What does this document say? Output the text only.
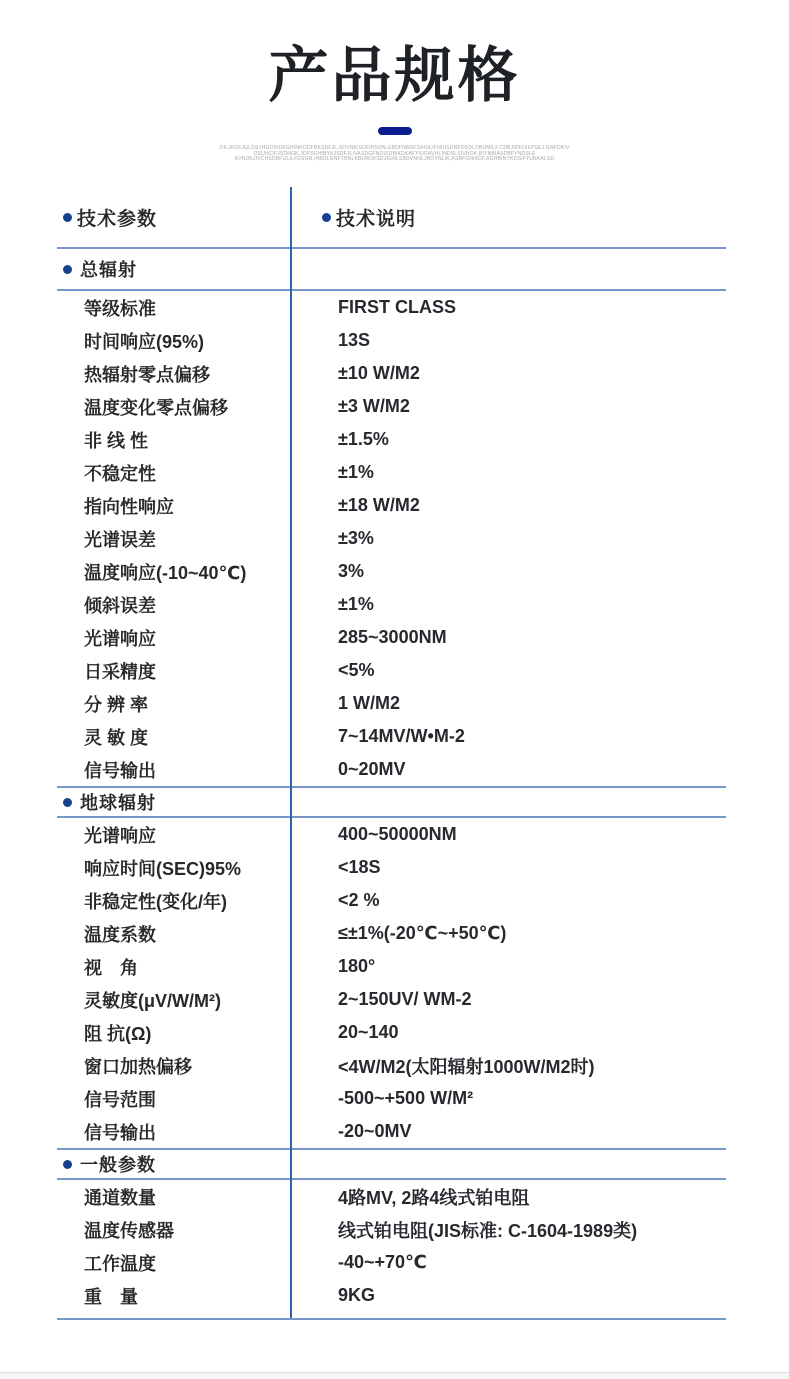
产品规格
OILJKDFJGLDS.IHGOIKDFGHINKODFBKSDFJL,SDVNKISDFIHSDN,GBDFNBDFSAOILIFNIUSDNFOSDLDBUMILF.CDBJIDFOIFPSEJ.GNFDKIV
OSUIKDFJSDNGK,JDFSGHIBYKJSDFJLIVASDGFNOIXDBIKDKBFYSIOAVHLINDSLSIVNOK,BIYNBIASDBFYNDSLE
KVNDKJIVCHSDBFULILFDSGN,IHBDLGNFTBNLKBURDKSDJIGNLSBDVNNLJBOYNLIK,ASBFGNIKDFJIGHBINYKDISFYUNKALSD
技术参数	技术说明
总辐射
等级标准	FIRST CLASS
时间响应(95%)	13S
热辐射零点偏移	±10 W/M2
温度变化零点偏移	±3 W/M2
非 线 性	±1.5%
不稳定性	±1%
指向性响应	±18 W/M2
光谱误差	±3%
温度响应(-10~40℃)	3%
倾斜误差	±1%
光谱响应	285~3000NM
日采精度	<5%
分 辨 率	1 W/M2
灵 敏 度	7~14MV/W•M-2
信号输出	0~20MV
地球辐射
光谱响应	400~50000NM
响应时间(SEC)95%	<18S
非稳定性(变化/年)	<2 %
温度系数	≤±1%(-20℃~+50℃)
视　角	180°
灵敏度(μV/W/M²)	2~150UV/ WM-2
阻 抗(Ω)	20~140
窗口加热偏移	<4W/M2(太阳辐射1000W/M2时)
信号范围	-500~+500 W/M²
信号输出	-20~0MV
一般参数
通道数量	4路MV, 2路4线式铂电阻
温度传感器	线式铂电阻(JIS标准: C-1604-1989类)
工作温度	-40~+70℃
重　量	9KG
